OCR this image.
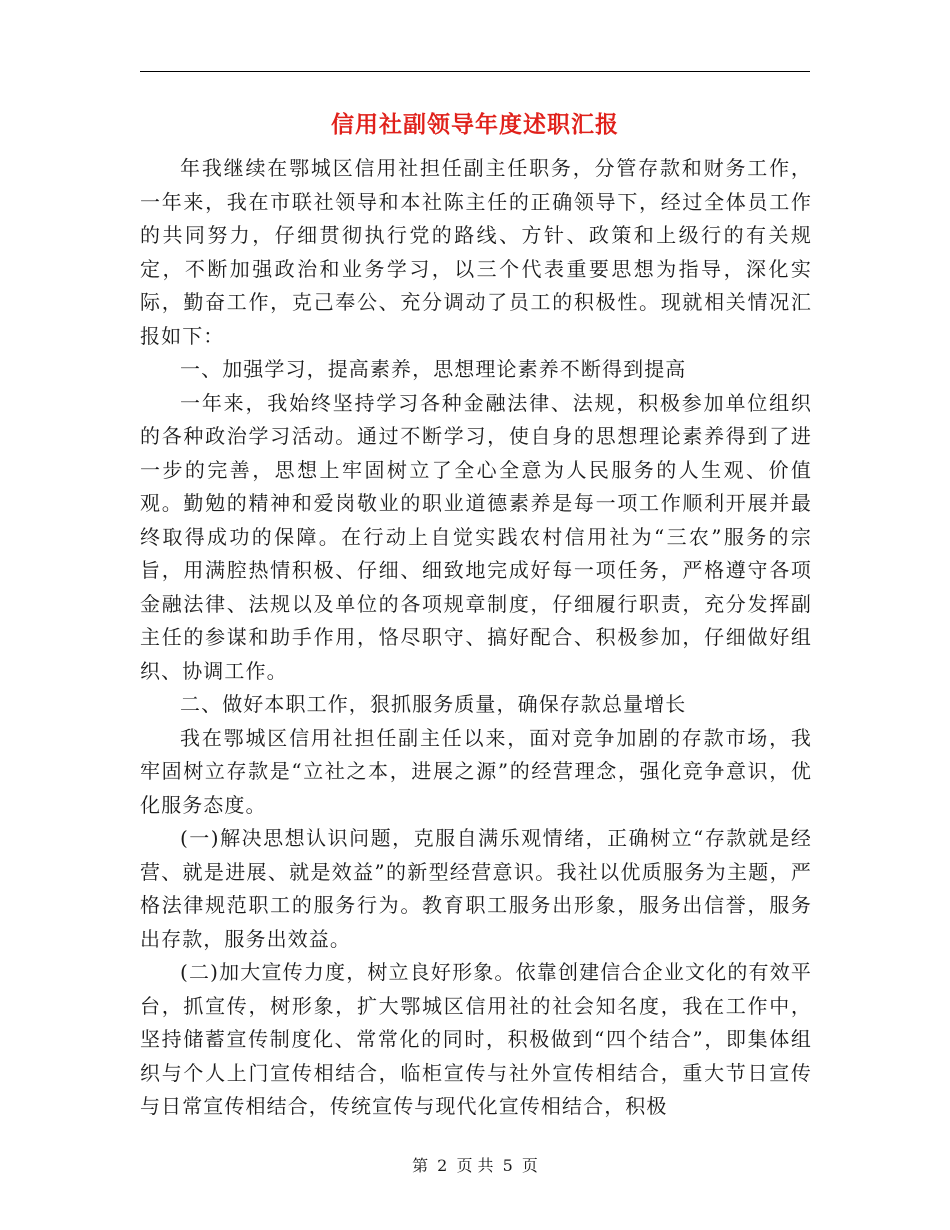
信用社副领导年度述职汇报

年我继续在鄂城区信用社担任副主任职务，分管存款和财务工作，一年来，我在市联社领导和本社陈主任的正确领导下，经过全体员工作的共同努力，仔细贯彻执行党的路线、方针、政策和上级行的有关规定，不断加强政治和业务学习，以三个代表重要思想为指导，深化实际，勤奋工作，克己奉公、充分调动了员工的积极性。现就相关情况汇报如下：

一、加强学习，提高素养，思想理论素养不断得到提高

一年来，我始终坚持学习各种金融法律、法规，积极参加单位组织的各种政治学习活动。通过不断学习，使自身的思想理论素养得到了进一步的完善，思想上牢固树立了全心全意为人民服务的人生观、价值观。勤勉的精神和爱岗敬业的职业道德素养是每一项工作顺利开展并最终取得成功的保障。在行动上自觉实践农村信用社为“三农”服务的宗旨，用满腔热情积极、仔细、细致地完成好每一项任务，严格遵守各项金融法律、法规以及单位的各项规章制度，仔细履行职责，充分发挥副主任的参谋和助手作用，恪尽职守、搞好配合、积极参加，仔细做好组织、协调工作。

二、做好本职工作，狠抓服务质量，确保存款总量增长

我在鄂城区信用社担任副主任以来，面对竞争加剧的存款市场，我牢固树立存款是“立社之本，进展之源”的经营理念，强化竞争意识，优化服务态度。

(一)解决思想认识问题，克服自满乐观情绪，正确树立“存款就是经营、就是进展、就是效益”的新型经营意识。我社以优质服务为主题，严格法律规范职工的服务行为。教育职工服务出形象，服务出信誉，服务出存款，服务出效益。

(二)加大宣传力度，树立良好形象。依靠创建信合企业文化的有效平台，抓宣传，树形象，扩大鄂城区信用社的社会知名度，我在工作中，坚持储蓄宣传制度化、常常化的同时，积极做到“四个结合”，即集体组织与个人上门宣传相结合，临柜宣传与社外宣传相结合，重大节日宣传与日常宣传相结合，传统宣传与现代化宣传相结合，积极

第 2 页 共 5 页
